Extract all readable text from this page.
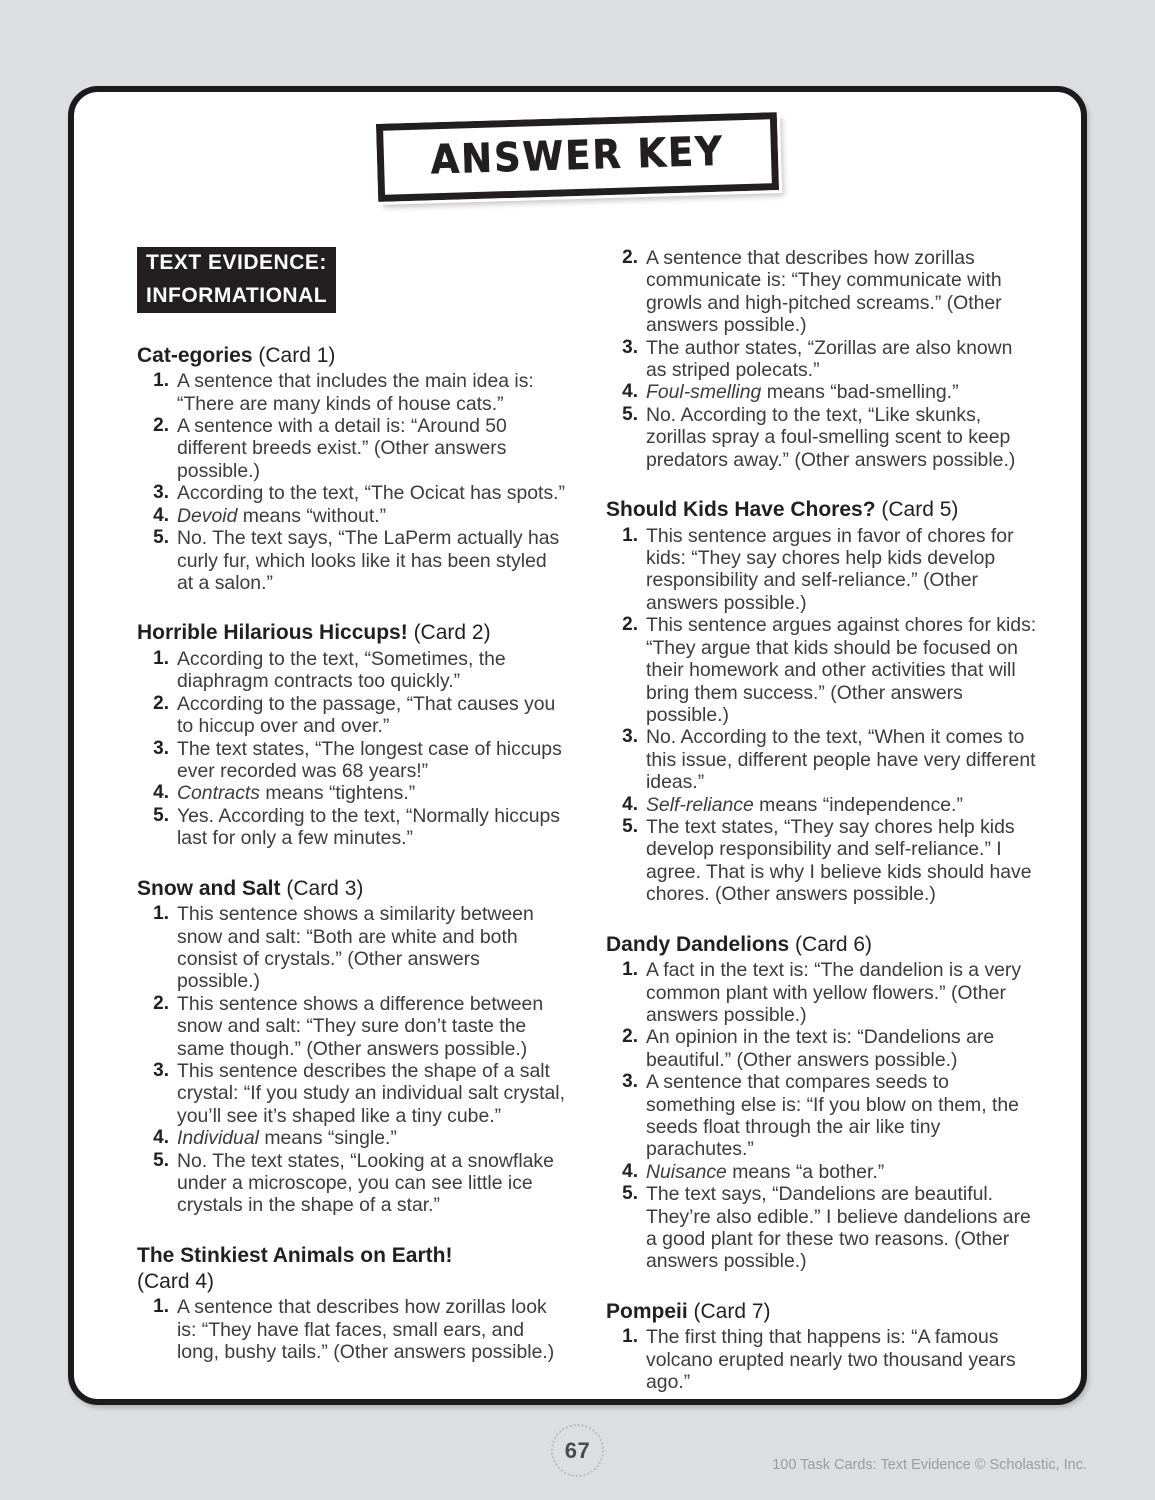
ANSWER KEY
TEXT EVIDENCE:
INFORMATIONAL
Cat-egories (Card 1)
1. A sentence that includes the main idea is: “There are many kinds of house cats.”
2. A sentence with a detail is: “Around 50 different breeds exist.” (Other answers possible.)
3. According to the text, “The Ocicat has spots.”
4. Devoid means “without.”
5. No. The text says, “The LaPerm actually has curly fur, which looks like it has been styled at a salon.”
Horrible Hilarious Hiccups! (Card 2)
1. According to the text, “Sometimes, the diaphragm contracts too quickly.”
2. According to the passage, “That causes you to hiccup over and over.”
3. The text states, “The longest case of hiccups ever recorded was 68 years!”
4. Contracts means “tightens.”
5. Yes. According to the text, “Normally hiccups last for only a few minutes.”
Snow and Salt (Card 3)
1. This sentence shows a similarity between snow and salt: “Both are white and both consist of crystals.” (Other answers possible.)
2. This sentence shows a difference between snow and salt: “They sure don’t taste the same though.” (Other answers possible.)
3. This sentence describes the shape of a salt crystal: “If you study an individual salt crystal, you’ll see it’s shaped like a tiny cube.”
4. Individual means “single.”
5. No. The text states, “Looking at a snowflake under a microscope, you can see little ice crystals in the shape of a star.”
The Stinkiest Animals on Earth!
(Card 4)
1. A sentence that describes how zorillas look is: “They have flat faces, small ears, and long, bushy tails.” (Other answers possible.)
2. A sentence that describes how zorillas communicate is: “They communicate with growls and high-pitched screams.” (Other answers possible.)
3. The author states, “Zorillas are also known as striped polecats.”
4. Foul-smelling means “bad-smelling.”
5. No. According to the text, “Like skunks, zorillas spray a foul-smelling scent to keep predators away.” (Other answers possible.)
Should Kids Have Chores? (Card 5)
1. This sentence argues in favor of chores for kids: “They say chores help kids develop responsibility and self-reliance.” (Other answers possible.)
2. This sentence argues against chores for kids: “They argue that kids should be focused on their homework and other activities that will bring them success.” (Other answers possible.)
3. No. According to the text, “When it comes to this issue, different people have very different ideas.”
4. Self-reliance means “independence.”
5. The text states, “They say chores help kids develop responsibility and self-reliance.” I agree. That is why I believe kids should have chores. (Other answers possible.)
Dandy Dandelions (Card 6)
1. A fact in the text is: “The dandelion is a very common plant with yellow flowers.” (Other answers possible.)
2. An opinion in the text is: “Dandelions are beautiful.” (Other answers possible.)
3. A sentence that compares seeds to something else is: “If you blow on them, the seeds float through the air like tiny parachutes.”
4. Nuisance means “a bother.”
5. The text says, “Dandelions are beautiful. They’re also edible.” I believe dandelions are a good plant for these two reasons. (Other answers possible.)
Pompeii (Card 7)
1. The first thing that happens is: “A famous volcano erupted nearly two thousand years ago.”
67
100 Task Cards: Text Evidence © Scholastic, Inc.
